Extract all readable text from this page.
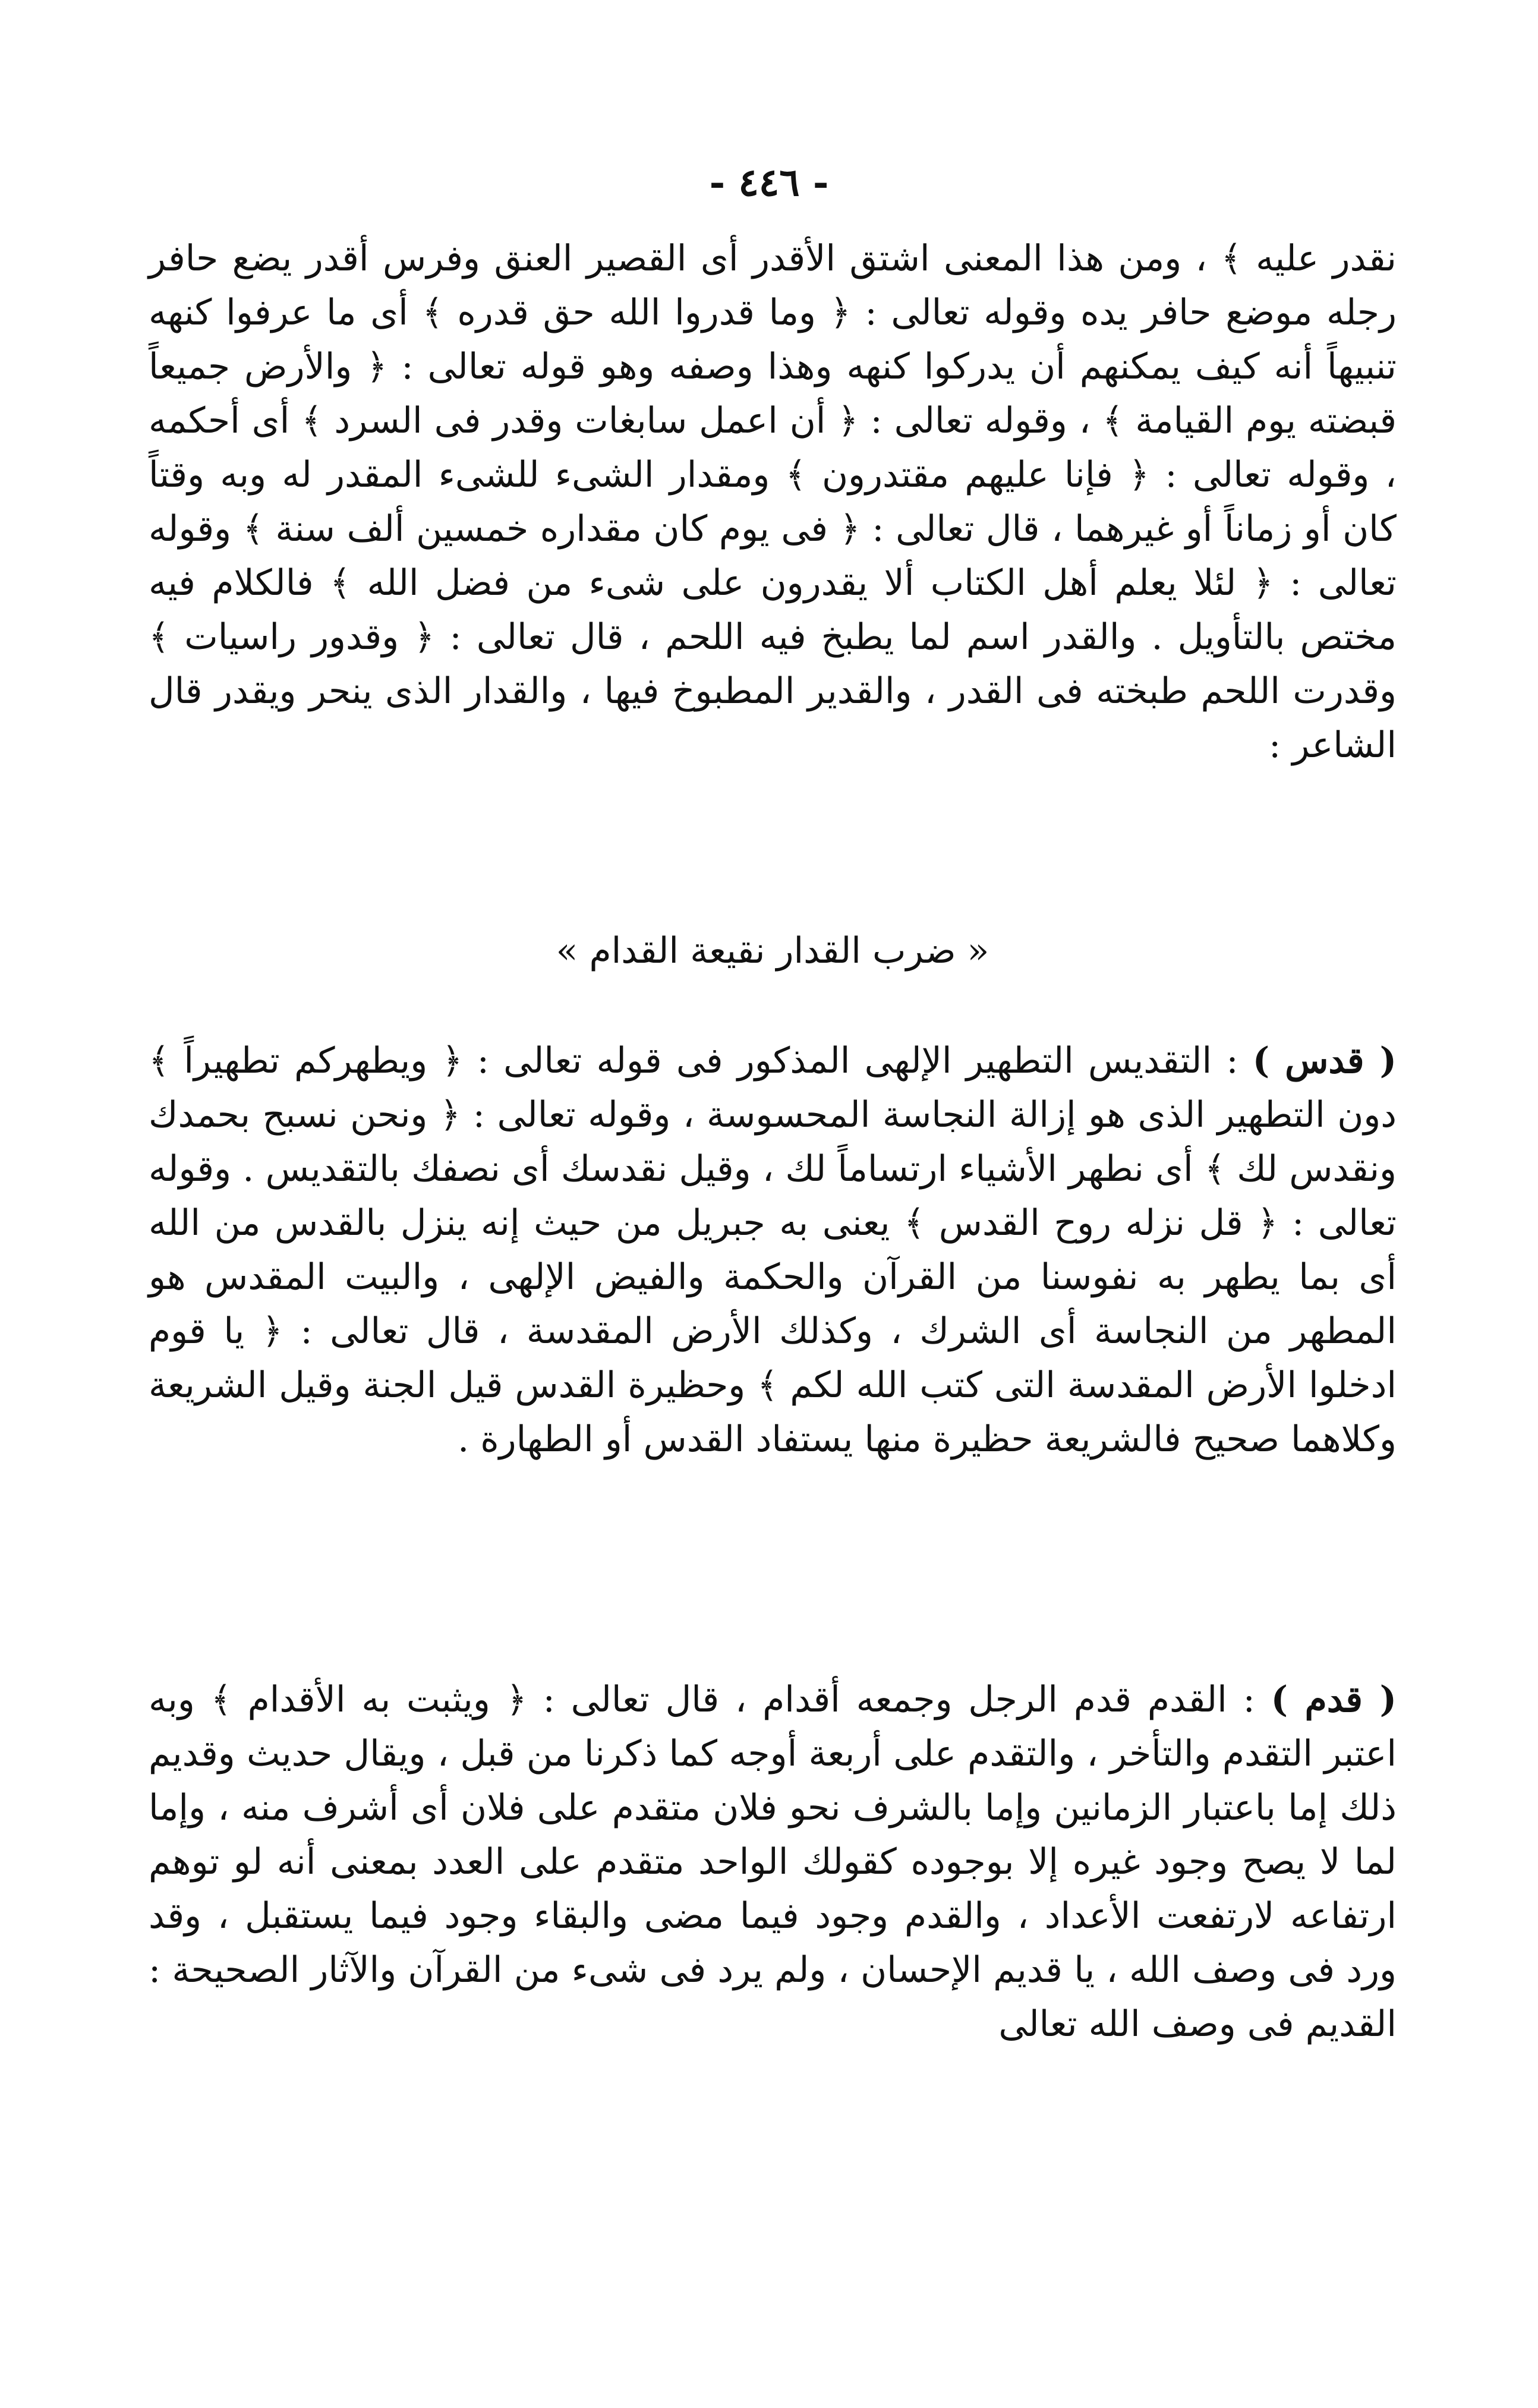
- ٤٤٦ -

نقدر عليه ﴾ ، ومن هذا المعنى اشتق الأقدر أى القصير العنق وفرس أقدر يضع حافر رجله موضع حافر يده وقوله تعالى : ﴿ وما قدروا الله حق قدره ﴾ أى ما عرفوا كنهه تنبيهاً أنه كيف يمكنهم أن يدركوا كنهه وهذا وصفه وهو قوله تعالى : ﴿ والأرض جميعاً قبضته يوم القيامة ﴾ ، وقوله تعالى : ﴿ أن اعمل سابغات وقدر فى السرد ﴾ أى أحكمه ، وقوله تعالى : ﴿ فإنا عليهم مقتدرون ﴾ ومقدار الشىء للشىء المقدر له وبه وقتاً كان أو زماناً أو غيرهما ، قال تعالى : ﴿ فى يوم كان مقداره خمسين ألف سنة ﴾ وقوله تعالى : ﴿ لئلا يعلم أهل الكتاب ألا يقدرون على شىء من فضل الله ﴾ فالكلام فيه مختص بالتأويل . والقدر اسم لما يطبخ فيه اللحم ، قال تعالى : ﴿ وقدور راسيات ﴾ وقدرت اللحم طبخته فى القدر ، والقدير المطبوخ فيها ، والقدار الذى ينحر ويقدر قال الشاعر :

« ضرب القدار نقيعة القدام »

( قدس ) : التقديس التطهير الإلهى المذكور فى قوله تعالى : ﴿ ويطهركم تطهيراً ﴾ دون التطهير الذى هو إزالة النجاسة المحسوسة ، وقوله تعالى : ﴿ ونحن نسبح بحمدك ونقدس لك ﴾ أى نطهر الأشياء ارتساماً لك ، وقيل نقدسك أى نصفك بالتقديس . وقوله تعالى : ﴿ قل نزله روح القدس ﴾ يعنى به جبريل من حيث إنه ينزل بالقدس من الله أى بما يطهر به نفوسنا من القرآن والحكمة والفيض الإلهى ، والبيت المقدس هو المطهر من النجاسة أى الشرك ، وكذلك الأرض المقدسة ، قال تعالى : ﴿ يا قوم ادخلوا الأرض المقدسة التى كتب الله لكم ﴾ وحظيرة القدس قيل الجنة وقيل الشريعة وكلاهما صحيح فالشريعة حظيرة منها يستفاد القدس أو الطهارة .

( قدم ) : القدم قدم الرجل وجمعه أقدام ، قال تعالى : ﴿ ويثبت به الأقدام ﴾ وبه اعتبر التقدم والتأخر ، والتقدم على أربعة أوجه كما ذكرنا من قبل ، ويقال حديث وقديم ذلك إما باعتبار الزمانين وإما بالشرف نحو فلان متقدم على فلان أى أشرف منه ، وإما لما لا يصح وجود غيره إلا بوجوده كقولك الواحد متقدم على العدد بمعنى أنه لو توهم ارتفاعه لارتفعت الأعداد ، والقدم وجود فيما مضى والبقاء وجود فيما يستقبل ، وقد ورد فى وصف الله ، يا قديم الإحسان ، ولم يرد فى شىء من القرآن والآثار الصحيحة : القديم فى وصف الله تعالى
